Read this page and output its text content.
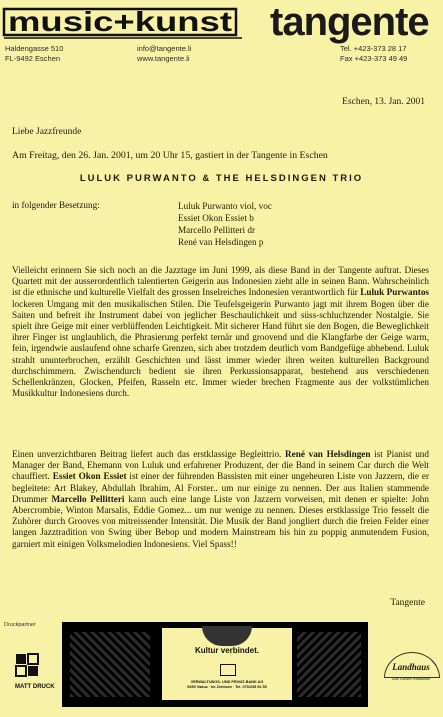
music+kunst tangente
Haldengasse 510
FL-9492 Eschen
info@tangente.li
www.tangente.li
Tel. +423-373 28 17
Fax +423-373 49 49
Eschen, 13. Jan. 2001
Liebe Jazzfreunde
Am Freitag, den 26. Jan. 2001, um 20 Uhr 15, gastiert in der Tangente in Eschen
LULUK PURWANTO & THE HELSDINGEN TRIO
in folgender Besetzung:	Luluk Purwanto viol, voc
Essiet Okon Essiet b
Marcello Pellitteri dr
René van Helsdingen p
Vielleicht erinnern Sie sich noch an die Jazztage im Juni 1999, als diese Band in der Tangente auftrat. Dieses Quartett mit der ausserordentlich talentierten Geigerin aus Indonesien zieht alle in seinen Bann. Wahrscheinlich ist die ethnische und kulturelle Vielfalt des grossen Inselreiches Indonesien verantwortlich für Luluk Purwantos lockeren Umgang mit den musikalischen Stilen. Die Teufelsgeigerin Purwanto jagt mit ihrem Bogen über die Saiten und befreit ihr Instrument dabei von jeglicher Beschaulichkeit und süss-schluchzender Nostalgie. Sie spielt ihre Geige mit einer verblüffenden Leichtigkeit. Mit sicherer Hand führt sie den Bogen, die Beweglichkeit ihrer Finger ist unglaublich, die Phrasierung perfekt ternär und groovend und die Klangfarbe der Geige warm, fein, irgendwie auslaufend ohne scharfe Grenzen, sich aber trotzdem deutlich vom Bandgefüge abhebend. Luluk strahlt ununterbrochen, erzählt Geschichten und lässt immer wieder ihren weiten kulturellen Background durchschimmern. Zwischendurch bedient sie ihren Perkussionsapparat, bestehend aus verschiedenen Schellenkränzen, Glocken, Pfeifen, Rasseln etc. Immer wieder brechen Fragmente aus der volkstümlichen Musikkultur Indonesiens durch.
Einen unverzichtbaren Beitrag liefert auch das erstklassige Begleittrio. René van Helsdingen ist Pianist und Manager der Band, Ehemann von Luluk und erfahrener Produzent, der die Band in seinem Car durch die Welt chauffiert. Essiet Okon Essiet ist einer der führenden Bassisten mit einer ungeheuren Liste von Jazzern, die er begleitete: Art Blakey, Abdullah Ibrahim, Al Forster.. um nur einige zu nennen. Der aus Italien stammende Drummer Marcello Pellitteri kann auch eine lange Liste von Jazzern vorweisen, mit denen er spielte: John Abercrombie, Winton Marsalis, Eddie Gomez... um nur wenige zu nennen. Dieses erstklassige Trio fesselt die Zuhörer durch Grooves von mitreissender Intensität. Die Musik der Band jongliert durch die freien Felder einer langen Jazztradition von Swing über Bebop und modern Mainstream bis hin zu poppig anmutendem Fusion, garniert mit einigen Volksmelodien Indonesiens. Viel Spass!!
Tangente
Druckpartner
MATT DRUCK
Kultur verbindet.
VERWALTUNGS- UND PRIVAT-BANK AG
9490 Vaduz · Im Zentrum · Tel. 075/235 66 55
Landhaus
Zum Ochsen Restaurant
